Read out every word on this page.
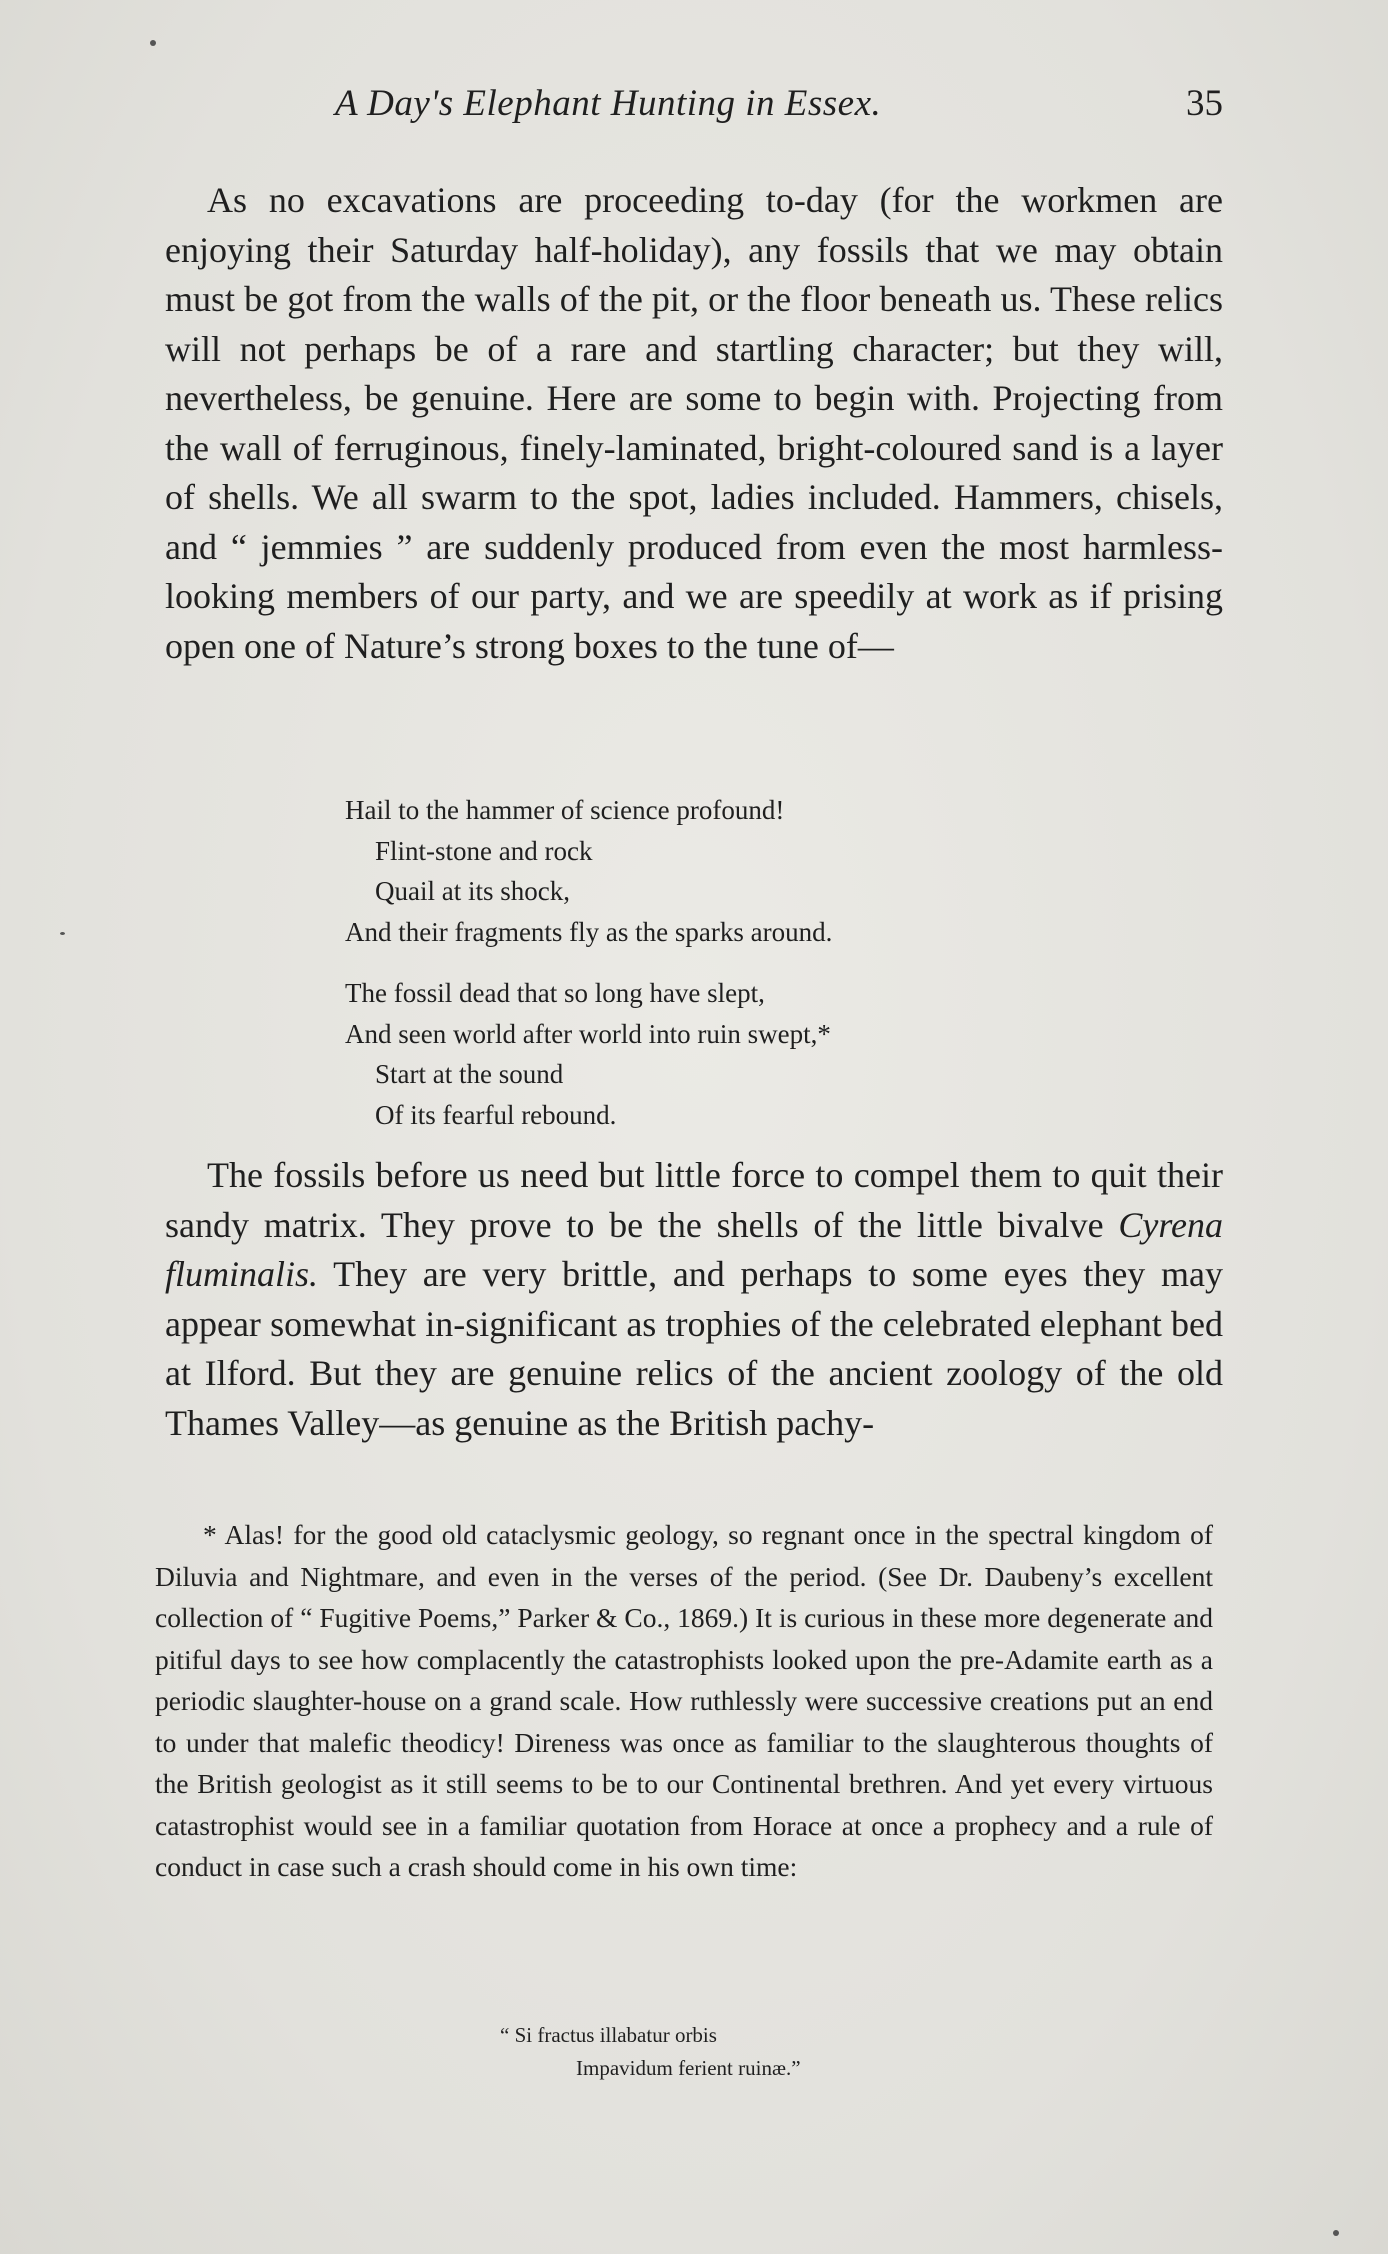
A Day's Elephant Hunting in Essex.	35

As no excavations are proceeding to-day (for the workmen are enjoying their Saturday half-holiday), any fossils that we may obtain must be got from the walls of the pit, or the floor beneath us. These relics will not perhaps be of a rare and startling character; but they will, nevertheless, be genuine. Here are some to begin with. Projecting from the wall of ferruginous, finely-laminated, bright-coloured sand is a layer of shells. We all swarm to the spot, ladies included. Hammers, chisels, and “ jemmies ” are suddenly produced from even the most harmless-looking members of our party, and we are speedily at work as if prising open one of Nature’s strong boxes to the tune of—

Hail to the hammer of science profound!
Flint-stone and rock
Quail at its shock,
And their fragments fly as the sparks around.
The fossil dead that so long have slept,
And seen world after world into ruin swept,*
Start at the sound
Of its fearful rebound.

The fossils before us need but little force to compel them to quit their sandy matrix. They prove to be the shells of the little bivalve Cyrena fluminalis. They are very brittle, and perhaps to some eyes they may appear somewhat in-significant as trophies of the celebrated elephant bed at Ilford. But they are genuine relics of the ancient zoology of the old Thames Valley—as genuine as the British pachy-

* Alas! for the good old cataclysmic geology, so regnant once in the spectral kingdom of Diluvia and Nightmare, and even in the verses of the period. (See Dr. Daubeny’s excellent collection of “ Fugitive Poems,” Parker & Co., 1869.) It is curious in these more degenerate and pitiful days to see how complacently the catastrophists looked upon the pre-Adamite earth as a periodic slaughter-house on a grand scale. How ruthlessly were successive creations put an end to under that malefic theodicy! Direness was once as familiar to the slaughterous thoughts of the British geologist as it still seems to be to our Continental brethren. And yet every virtuous catastrophist would see in a familiar quotation from Horace at once a prophecy and a rule of conduct in case such a crash should come in his own time:

“ Si fractus illabatur orbis
Impavidum ferient ruinæ.”
